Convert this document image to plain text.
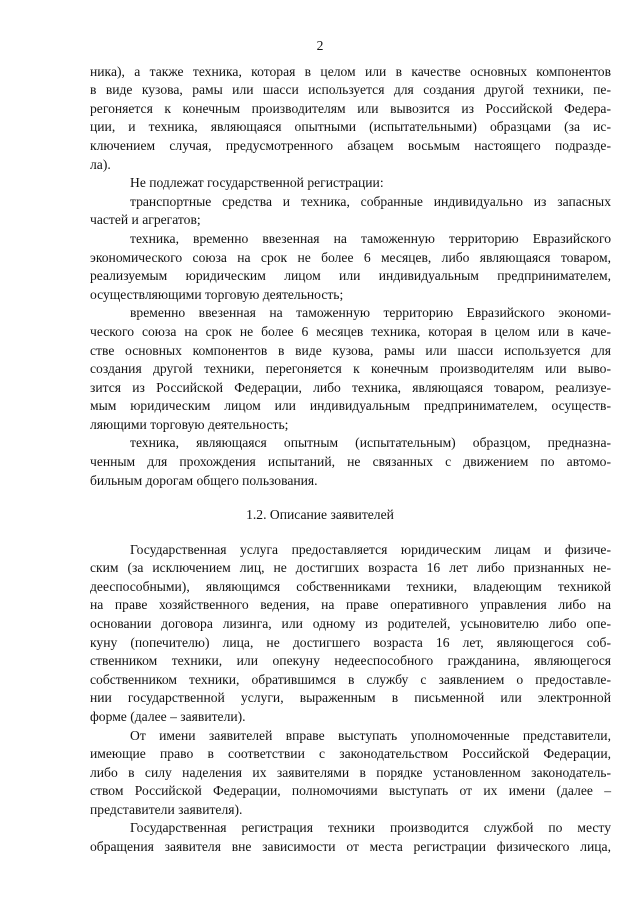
2
ника), а также техника, которая в целом или в качестве основных компонентов
в виде кузова, рамы или шасси используется для создания другой техники, пе-
регоняется к конечным производителям или вывозится из Российской Федера-
ции, и техника, являющаяся опытными (испытательными) образцами (за ис-
ключением случая, предусмотренного абзацем восьмым настоящего подразде-
ла).
Не подлежат государственной регистрации:
транспортные средства и техника, собранные индивидуально из запасных
частей и агрегатов;
техника, временно ввезенная на таможенную территорию Евразийского
экономического союза на срок не более 6 месяцев, либо являющаяся товаром,
реализуемым юридическим лицом или индивидуальным предпринимателем,
осуществляющими торговую деятельность;
временно ввезенная на таможенную территорию Евразийского экономи-
ческого союза на срок не более 6 месяцев техника, которая в целом или в каче-
стве основных компонентов в виде кузова, рамы или шасси используется для
создания другой техники, перегоняется к конечным производителям или выво-
зится из Российской Федерации, либо техника, являющаяся товаром, реализуе-
мым юридическим лицом или индивидуальным предпринимателем, осуществ-
ляющими торговую деятельность;
техника, являющаяся опытным (испытательным) образцом, предназна-
ченным для прохождения испытаний, не связанных с движением по автомо-
бильным дорогам общего пользования.
1.2. Описание заявителей
Государственная услуга предоставляется юридическим лицам и физиче-
ским (за исключением лиц, не достигших возраста 16 лет либо признанных не-
дееспособными), являющимся собственниками техники, владеющим техникой
на праве хозяйственного ведения, на праве оперативного управления либо на
основании договора лизинга, или одному из родителей, усыновителю либо опе-
куну (попечителю) лица, не достигшего возраста 16 лет, являющегося соб-
ственником техники, или опекуну недееспособного гражданина, являющегося
собственником техники, обратившимся в службу с заявлением о предоставле-
нии государственной услуги, выраженным в письменной или электронной
форме (далее – заявители).
От имени заявителей вправе выступать уполномоченные представители,
имеющие право в соответствии с законодательством Российской Федерации,
либо в силу наделения их заявителями в порядке установленном законодатель-
ством Российской Федерации, полномочиями выступать от их имени (далее –
представители заявителя).
Государственная регистрация техники производится службой по месту
обращения заявителя вне зависимости от места регистрации физического лица,
